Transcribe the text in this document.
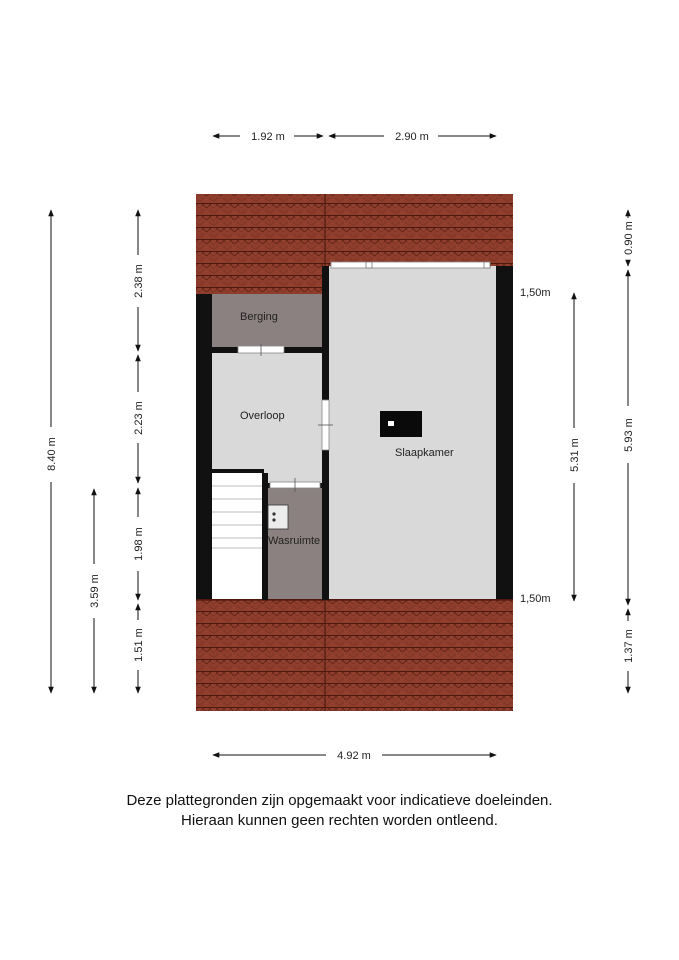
Berging
Overloop
Wasruimte
Slaapkamer
1.92 m	2.90 m
4.92 m
8.40 m
3.59 m
2.38 m
2.23 m
1.98 m
1.51 m
0.90 m
5.93 m
1.37 m
5.31 m
1,50m
1,50m
Deze plattegronden zijn opgemaakt voor indicatieve doeleinden.
Hieraan kunnen geen rechten worden ontleend.
